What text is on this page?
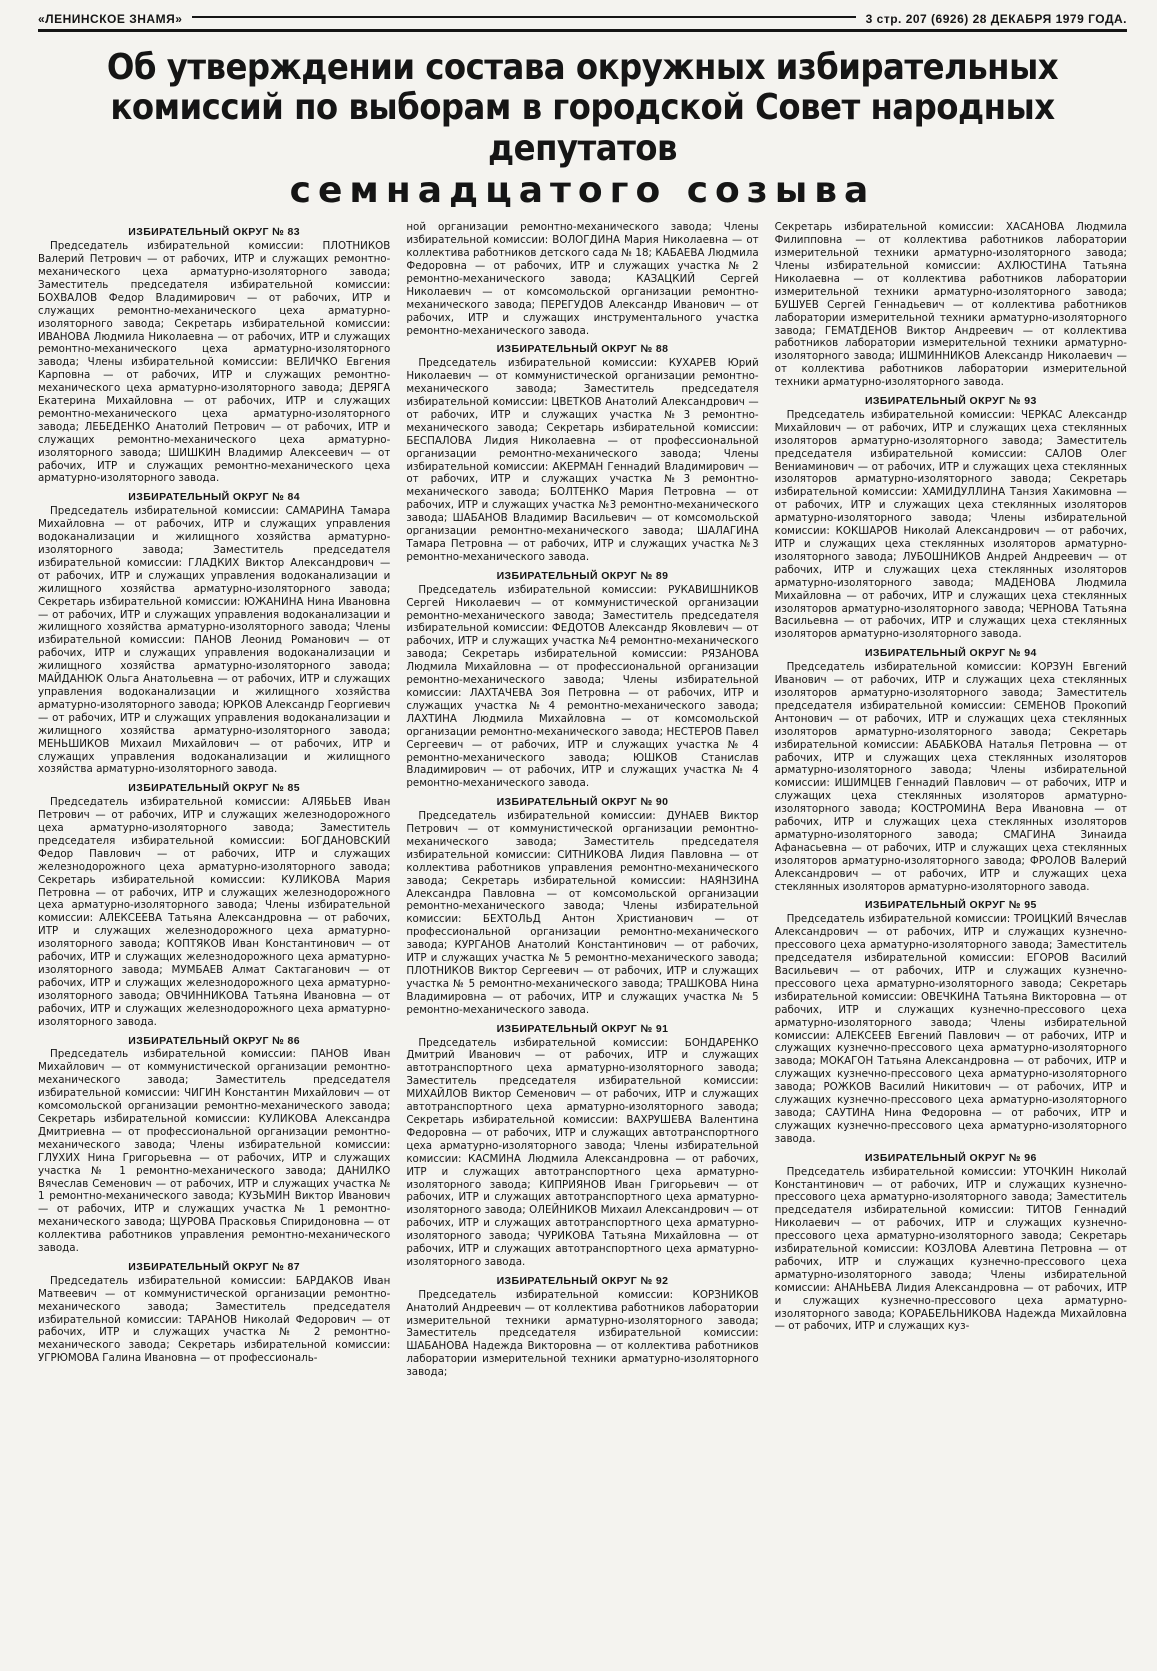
«ЛЕНИНСКОЕ ЗНАМЯ»	3 стр. 207 (6926) 28 ДЕКАБРЯ 1979 ГОДА.
Об утверждении состава окружных избирательных
комиссий по выборам в городской Совет народных депутатов
семнадцатого созыва
ИЗБИРАТЕЛЬНЫЙ ОКРУГ № 83

Председатель избирательной комиссии: ПЛОТНИКОВ Валерий Петрович — от рабочих, ИТР и служащих ремонтно-механического цеха арматурно-изоляторного завода; Заместитель председателя избирательной комиссии: БОХВАЛОВ Федор Владимирович — от рабочих, ИТР и служащих ремонтно-механического цеха арматурно-изоляторного завода; Секретарь избирательной комиссии: ИВАНОВА Людмила Николаевна — от рабочих, ИТР и служащих ремонтно-механического цеха арматурно-изоляторного завода; Члены избирательной комиссии: ВЕЛИЧКО Евгения Карповна — от рабочих, ИТР и служащих ремонтно-механического цеха арматурно-изоляторного завода; ДЕРЯГА Екатерина Михайловна — от рабочих, ИТР и служащих ремонтно-механического цеха арматурно-изоляторного завода; ЛЕБЕДЕНКО Анатолий Петрович — от рабочих, ИТР и служащих ремонтно-механического цеха арматурно-изоляторного завода; ШИШКИН Владимир Алексеевич — от рабочих, ИТР и служащих ремонтно-механического цеха арматурно-изоляторного завода.

ИЗБИРАТЕЛЬНЫЙ ОКРУГ № 84

Председатель избирательной комиссии: САМАРИНА Тамара Михайловна — от рабочих, ИТР и служащих управления водоканализации и жилищного хозяйства арматурно-изоляторного завода; Заместитель председателя избирательной комиссии: ГЛАДКИХ Виктор Александрович — от рабочих, ИТР и служащих управления водоканализации и жилищного хозяйства арматурно-изоляторного завода; Секретарь избирательной комиссии: ЮЖАНИНА Нина Ивановна — от рабочих, ИТР и служащих управления водоканализации и жилищного хозяйства арматурно-изоляторного завода; Члены избирательной комиссии: ПАНОВ Леонид Романович — от рабочих, ИТР и служащих управления водоканализации и жилищного хозяйства арматурно-изоляторного завода; МАЙДАНЮК Ольга Анатольевна — от рабочих, ИТР и служащих управления водоканализации и жилищного хозяйства арматурно-изоляторного завода; ЮРКОВ Александр Георгиевич — от рабочих, ИТР и служащих управления водоканализации и жилищного хозяйства арматурно-изоляторного завода; МЕНЬШИКОВ Михаил Михайлович — от рабочих, ИТР и служащих управления водоканализации и жилищного хозяйства арматурно-изоляторного завода.

ИЗБИРАТЕЛЬНЫЙ ОКРУГ № 85

Председатель избирательной комиссии: АЛЯБЬЕВ Иван Петрович — от рабочих, ИТР и служащих железнодорожного цеха арматурно-изоляторного завода; Заместитель председателя избирательной комиссии: БОГДАНОВСКИЙ Федор Павлович — от рабочих, ИТР и служащих железнодорожного цеха арматурно-изоляторного завода; Секретарь избирательной комиссии: КУЛИКОВА Мария Петровна — от рабочих, ИТР и служащих железнодорожного цеха арматурно-изоляторного завода; Члены избирательной комиссии: АЛЕКСЕЕВА Татьяна Александровна — от рабочих, ИТР и служащих железнодорожного цеха арматурно-изоляторного завода; КОПТЯКОВ Иван Константинович — от рабочих, ИТР и служащих железнодорожного цеха арматурно-изоляторного завода; МУМБАЕВ Алмат Сактаганович — от рабочих, ИТР и служащих железнодорожного цеха арматурно-изоляторного завода; ОВЧИННИКОВА Татьяна Ивановна — от рабочих, ИТР и служащих железнодорожного цеха арматурно-изоляторного завода.

ИЗБИРАТЕЛЬНЫЙ ОКРУГ № 86

Председатель избирательной комиссии: ПАНОВ Иван Михайлович — от коммунистической организации ремонтно-механического завода; Заместитель председателя избирательной комиссии: ЧИГИН Константин Михайлович — от комсомольской организации ремонтно-механического завода; Секретарь избирательной комиссии: КУЛИКОВА Александра Дмитриевна — от профессиональной организации ремонтно-механического завода; Члены избирательной комиссии: ГЛУХИХ Нина Григорьевна — от рабочих, ИТР и служащих участка № 1 ремонтно-механического завода; ДАНИЛКО Вячеслав Семенович — от рабочих, ИТР и служащих участка № 1 ремонтно-механического завода; КУЗЬМИН Виктор Иванович — от рабочих, ИТР и служащих участка № 1 ремонтно-механического завода; ЩУРОВА Прасковья Спиридоновна — от коллектива работников управления ремонтно-механического завода.

ИЗБИРАТЕЛЬНЫЙ ОКРУГ № 87

Председатель избирательной комиссии: БАРДАКОВ Иван Матвеевич — от коммунистической организации ремонтно-механического завода; Заместитель председателя избирательной комиссии: ТАРАНОВ Николай Федорович — от рабочих, ИТР и служащих участка № 2 ремонтно-механического завода; Секретарь избирательной комиссии: УГРЮМОВА Галина Ивановна — от профессиональ-

ной организации ремонтно-механического завода; Члены избирательной комиссии: ВОЛОГДИНА Мария Николаевна — от коллектива работников детского сада № 18; КАБАЕВА Людмила Федоровна — от рабочих, ИТР и служащих участка № 2 ремонтно-механического завода; КАЗАЦКИЙ Сергей Николаевич — от комсомольской организации ремонтно-механического завода; ПЕРЕГУДОВ Александр Иванович — от рабочих, ИТР и служащих инструментального участка ремонтно-механического завода.

ИЗБИРАТЕЛЬНЫЙ ОКРУГ № 88

Председатель избирательной комиссии: КУХАРЕВ Юрий Николаевич — от коммунистической организации ремонтно-механического завода; Заместитель председателя избирательной комиссии: ЦВЕТКОВ Анатолий Александрович — от рабочих, ИТР и служащих участка №3 ремонтно-механического завода; Секретарь избирательной комиссии: БЕСПАЛОВА Лидия Николаевна — от профессиональной организации ремонтно-механического завода; Члены избирательной комиссии: АКЕРМАН Геннадий Владимирович — от рабочих, ИТР и служащих участка №3 ремонтно-механического завода; БОЛТЕНКО Мария Петровна — от рабочих, ИТР и служащих участка №3 ремонтно-механического завода; ШАБАНОВ Владимир Васильевич — от комсомольской организации ремонтно-механического завода; ШАЛАГИНА Тамара Петровна — от рабочих, ИТР и служащих участка №3 ремонтно-механического завода.

ИЗБИРАТЕЛЬНЫЙ ОКРУГ № 89

Председатель избирательной комиссии: РУКАВИШНИКОВ Сергей Николаевич — от коммунистической организации ремонтно-механического завода; Заместитель председателя избирательной комиссии: ФЕДОТОВ Александр Яковлевич — от рабочих, ИТР и служащих участка №4 ремонтно-механического завода; Секретарь избирательной комиссии: РЯЗАНОВА Людмила Михайловна — от профессиональной организации ремонтно-механического завода; Члены избирательной комиссии: ЛАХТАЧЕВА Зоя Петровна — от рабочих, ИТР и служащих участка №4 ремонтно-механического завода; ЛАХТИНА Людмила Михайловна — от комсомольской организации ремонтно-механического завода; НЕСТЕРОВ Павел Сергеевич — от рабочих, ИТР и служащих участка № 4 ремонтно-механического завода; ЮШКОВ Станислав Владимирович — от рабочих, ИТР и служащих участка № 4 ремонтно-механического завода.

ИЗБИРАТЕЛЬНЫЙ ОКРУГ № 90

Председатель избирательной комиссии: ДУНАЕВ Виктор Петрович — от коммунистической организации ремонтно-механического завода; Заместитель председателя избирательной комиссии: СИТНИКОВА Лидия Павловна — от коллектива работников управления ремонтно-механического завода; Секретарь избирательной комиссии: НАЯНЗИНА Александра Павловна — от комсомольской организации ремонтно-механического завода; Члены избирательной комиссии: БЕХТОЛЬД Антон Христианович — от профессиональной организации ремонтно-механического завода; КУРГАНОВ Анатолий Константинович — от рабочих, ИТР и служащих участка № 5 ремонтно-механического завода; ПЛОТНИКОВ Виктор Сергеевич — от рабочих, ИТР и служащих участка № 5 ремонтно-механического завода; ТРАШКОВА Нина Владимировна — от рабочих, ИТР и служащих участка № 5 ремонтно-механического завода.

ИЗБИРАТЕЛЬНЫЙ ОКРУГ № 91

Председатель избирательной комиссии: БОНДАРЕНКО Дмитрий Иванович — от рабочих, ИТР и служащих автотранспортного цеха арматурно-изоляторного завода; Заместитель председателя избирательной комиссии: МИХАЙЛОВ Виктор Семенович — от рабочих, ИТР и служащих автотранспортного цеха арматурно-изоляторного завода; Секретарь избирательной комиссии: ВАХРУШЕВА Валентина Федоровна — от рабочих, ИТР и служащих автотранспортного цеха арматурно-изоляторного завода; Члены избирательной комиссии: КАСМИНА Людмила Александровна — от рабочих, ИТР и служащих автотранспортного цеха арматурно-изоляторного завода; КИПРИЯНОВ Иван Григорьевич — от рабочих, ИТР и служащих автотранспортного цеха арматурно-изоляторного завода; ОЛЕЙНИКОВ Михаил Александрович — от рабочих, ИТР и служащих автотранспортного цеха арматурно-изоляторного завода; ЧУРИКОВА Татьяна Михайловна — от рабочих, ИТР и служащих автотранспортного цеха арматурно-изоляторного завода.

ИЗБИРАТЕЛЬНЫЙ ОКРУГ № 92

Председатель избирательной комиссии: КОРЗНИКОВ Анатолий Андреевич — от коллектива работников лаборатории измерительной техники арматурно-изоляторного завода; Заместитель председателя избирательной комиссии: ШАБАНОВА Надежда Викторовна — от коллектива работников лаборатории измерительной техники арматурно-изоляторного завода;

Секретарь избирательной комиссии: ХАСАНОВА Людмила Филипповна — от коллектива работников лаборатории измерительной техники арматурно-изоляторного завода; Члены избирательной комиссии: АХЛЮСТИНА Татьяна Николаевна — от коллектива работников лаборатории измерительной техники арматурно-изоляторного завода; БУШУЕВ Сергей Геннадьевич — от коллектива работников лаборатории измерительной техники арматурно-изоляторного завода; ГЕМАТДЕНОВ Виктор Андреевич — от коллектива работников лаборатории измерительной техники арматурно-изоляторного завода; ИШМИННИКОВ Александр Николаевич — от коллектива работников лаборатории измерительной техники арматурно-изоляторного завода.

ИЗБИРАТЕЛЬНЫЙ ОКРУГ № 93

Председатель избирательной комиссии: ЧЕРКАС Александр Михайлович — от рабочих, ИТР и служащих цеха стеклянных изоляторов арматурно-изоляторного завода; Заместитель председателя избирательной комиссии: САЛОВ Олег Вениаминович — от рабочих, ИТР и служащих цеха стеклянных изоляторов арматурно-изоляторного завода; Секретарь избирательной комиссии: ХАМИДУЛЛИНА Танзия Хакимовна — от рабочих, ИТР и служащих цеха стеклянных изоляторов арматурно-изоляторного завода; Члены избирательной комиссии: КОКШАРОВ Николай Александрович — от рабочих, ИТР и служащих цеха стеклянных изоляторов арматурно-изоляторного завода; ЛУБОШНИКОВ Андрей Андреевич — от рабочих, ИТР и служащих цеха стеклянных изоляторов арматурно-изоляторного завода; МАДЕНОВА Людмила Михайловна — от рабочих, ИТР и служащих цеха стеклянных изоляторов арматурно-изоляторного завода; ЧЕРНОВА Татьяна Васильевна — от рабочих, ИТР и служащих цеха стеклянных изоляторов арматурно-изоляторного завода.

ИЗБИРАТЕЛЬНЫЙ ОКРУГ № 94

Председатель избирательной комиссии: КОРЗУН Евгений Иванович — от рабочих, ИТР и служащих цеха стеклянных изоляторов арматурно-изоляторного завода; Заместитель председателя избирательной комиссии: СЕМЕНОВ Прокопий Антонович — от рабочих, ИТР и служащих цеха стеклянных изоляторов арматурно-изоляторного завода; Секретарь избирательной комиссии: АБАБКОВА Наталья Петровна — от рабочих, ИТР и служащих цеха стеклянных изоляторов арматурно-изоляторного завода; Члены избирательной комиссии: ИШИМЦЕВ Геннадий Павлович — от рабочих, ИТР и служащих цеха стеклянных изоляторов арматурно-изоляторного завода; КОСТРОМИНА Вера Ивановна — от рабочих, ИТР и служащих цеха стеклянных изоляторов арматурно-изоляторного завода; СМАГИНА Зинаида Афанасьевна — от рабочих, ИТР и служащих цеха стеклянных изоляторов арматурно-изоляторного завода; ФРОЛОВ Валерий Александрович — от рабочих, ИТР и служащих цеха стеклянных изоляторов арматурно-изоляторного завода.

ИЗБИРАТЕЛЬНЫЙ ОКРУГ № 95

Председатель избирательной комиссии: ТРОИЦКИЙ Вячеслав Александрович — от рабочих, ИТР и служащих кузнечно-прессового цеха арматурно-изоляторного завода; Заместитель председателя избирательной комиссии: ЕГОРОВ Василий Васильевич — от рабочих, ИТР и служащих кузнечно-прессового цеха арматурно-изоляторного завода; Секретарь избирательной комиссии: ОВЕЧКИНА Татьяна Викторовна — от рабочих, ИТР и служащих кузнечно-прессового цеха арматурно-изоляторного завода; Члены избирательной комиссии: АЛЕКСЕЕВ Евгений Павлович — от рабочих, ИТР и служащих кузнечно-прессового цеха арматурно-изоляторного завода; МОКАГОН Татьяна Александровна — от рабочих, ИТР и служащих кузнечно-прессового цеха арматурно-изоляторного завода; РОЖКОВ Василий Никитович — от рабочих, ИТР и служащих кузнечно-прессового цеха арматурно-изоляторного завода; САУТИНА Нина Федоровна — от рабочих, ИТР и служащих кузнечно-прессового цеха арматурно-изоляторного завода.

ИЗБИРАТЕЛЬНЫЙ ОКРУГ № 96

Председатель избирательной комиссии: УТОЧКИН Николай Константинович — от рабочих, ИТР и служащих кузнечно-прессового цеха арматурно-изоляторного завода; Заместитель председателя избирательной комиссии: ТИТОВ Геннадий Николаевич — от рабочих, ИТР и служащих кузнечно-прессового цеха арматурно-изоляторного завода; Секретарь избирательной комиссии: КОЗЛОВА Алевтина Петровна — от рабочих, ИТР и служащих кузнечно-прессового цеха арматурно-изоляторного завода; Члены избирательной комиссии: АНАНЬЕВА Лидия Александровна — от рабочих, ИТР и служащих кузнечно-прессового цеха арматурно-изоляторного завода; КОРАБЕЛЬНИКОВА Надежда Михайловна — от рабочих, ИТР и служащих куз-
